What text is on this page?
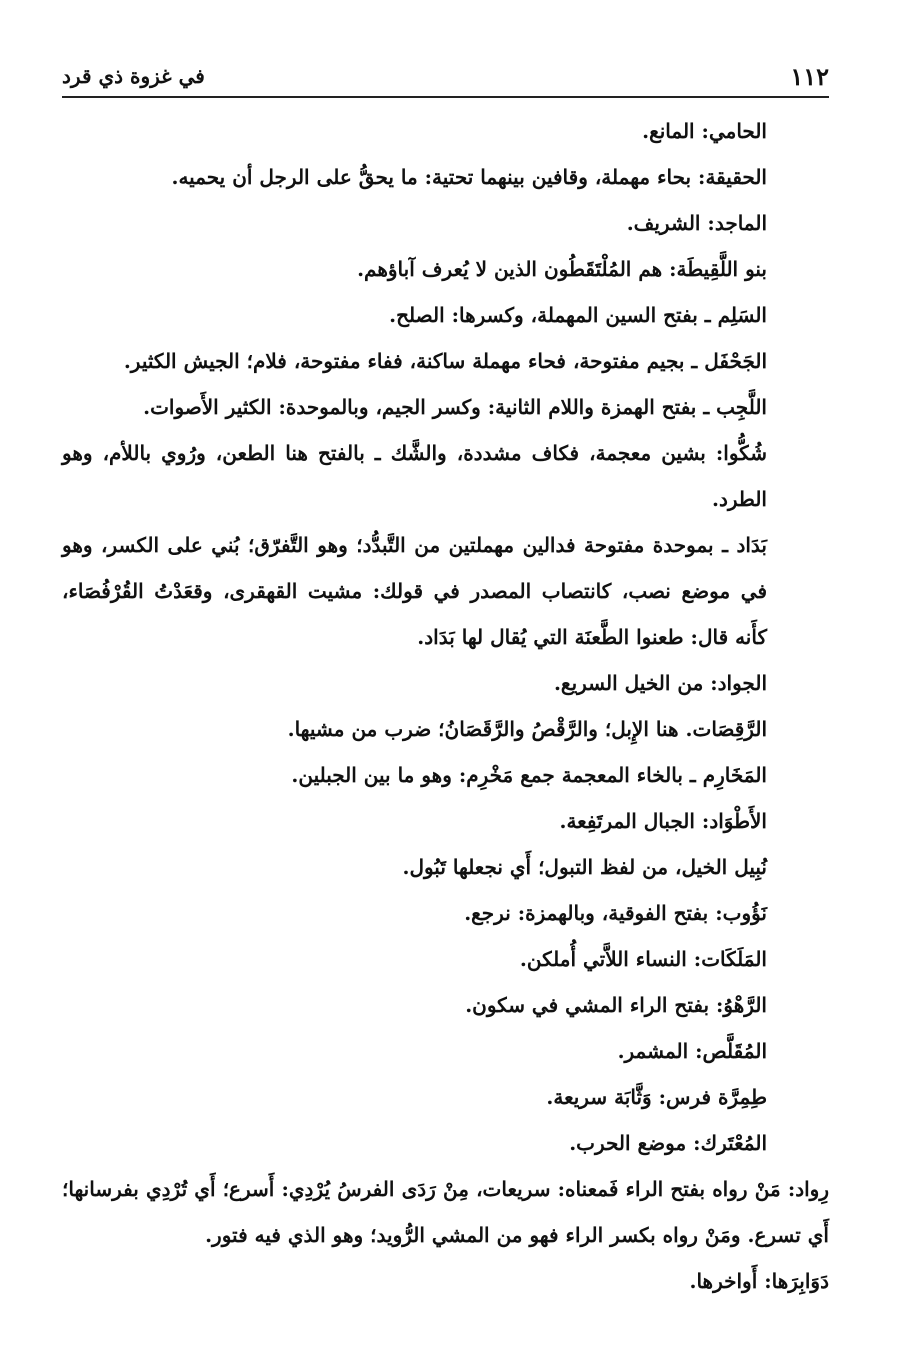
١١٢
في غزوة ذي قرد

الحامي: المانع.

الحقيقة: بحاء مهملة، وقافين بينهما تحتية: ما يحقُّ على الرجل أن يحميه.

الماجد: الشريف.

بنو اللَّقِيطَة: هم المُلْتَقَطُون الذين لا يُعرف آباؤهم.

السَلِم ـ بفتح السين المهملة، وكسرها: الصلح.

الجَحْفَل ـ بجيم مفتوحة، فحاء مهملة ساكنة، ففاء مفتوحة، فلام؛ الجيش الكثير.

اللَّجِب ـ بفتح الهمزة واللام الثانية: وكسر الجيم، وبالموحدة: الكثير الأَصوات.

شُكُّوا: بشين معجمة، فكاف مشددة، والشَّك ـ بالفتح هنا الطعن، ورُوي باللأم، وهو الطرد.

بَدَاد ـ بموحدة مفتوحة فدالين مهملتين من التَّبدُّد؛ وهو التَّفرّق؛ بُني على الكسر، وهو في موضع نصب، كانتصاب المصدر في قولك: مشيت القهقرى، وقعَدْتُ القُرْفُصَاء، كأَنه قال: طعنوا الطَّعنَة التي يُقال لها بَدَاد.

الجواد: من الخيل السريع.

الرَّقِصَات. هنا الإِبل؛ والرَّقْصُ والرَّقَصَانُ؛ ضرب من مشيها.

المَخَارِم ـ بالخاء المعجمة جمع مَخْرِم: وهو ما بين الجبلين.

الأَطْوَاد: الجبال المرتَفِعة.

نُبِيل الخيل، من لفظ التبول؛ أَي نجعلها تَبُول.

نَؤُوب: بفتح الفوقية، وبالهمزة: نرجع.

المَلَكَات: النساء اللاَّتي أُملكن.

الرَّهْوُ: بفتح الراء المشي في سكون.

المُقَلَّص: المشمر.

طِمِرَّة فرس: وَثَّابَة سريعة.

المُعْتَرك: موضع الحرب.

رِواد: مَنْ رواه بفتح الراء فَمعناه: سريعات، مِنْ رَدَى الفرسُ يُرْدِي: أَسرع؛ أَي تُرْدِي بفرسانها؛ أَي تسرع. ومَنْ رواه بكسر الراء فهو من المشي الرُّويد؛ وهو الذي فيه فتور.

دَوَابِرَها: أَواخرها.
